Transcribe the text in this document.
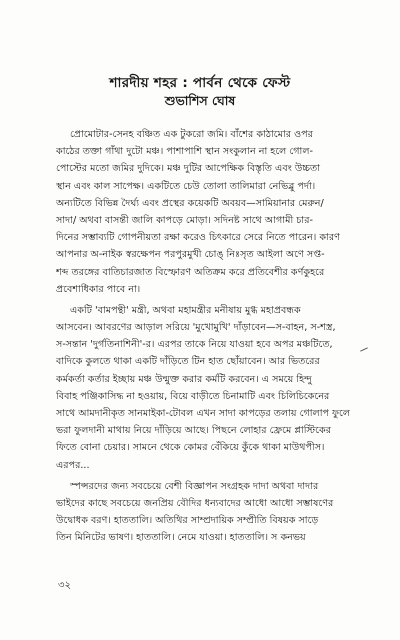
শারদীয় শহর : পার্বন থেকে ফেস্ট
শুভাশিস ঘোষ
প্রোমোটার-সেনহ বঞ্চিত এক টুকরো জমি। বাঁশের কাঠামোর ওপর
কাঠের তক্তা গাঁথা দুটো মঞ্চ। পাশাপাশি স্থান সংকুলান না হলে গোল-
পোস্টের মতো জমির দুদিকে। মঞ্চ দুটির আপেক্ষিক বিস্তৃতি এবং উচ্চতা
স্থান এবং কাল সাপেক্ষ। একটিতে চেউ তোলা তালিমারা নেভিব্লু পর্দা।
অন্যটিতে বিভিন্ন দৈর্ঘ্য এবং প্রস্থের কয়েকটি অবয়ব—সামিয়ানার মেরুন/
সাদা/ অথবা বাসন্তী জালি কাপড়ে মোড়া। সদিনষ্ট সাথে আগামী চার-
দিনের সম্ভাব্যটি গোপনীয়তা রক্ষা করেও চিৎকারে সেরে নিতে পারেন। কারণ
আপনার অ-নাইক স্বরক্ষেপন পরপুরমুখী চোঙ্ নিঃসৃত আইলা অণে সপ্ত-
শব্দ তরঙ্গের বাতিচারজাত বিস্ফোরণ অতিক্রম করে প্রতিবেশীর কর্ণকুহরে
প্রবেশাধিকার পাবে না।
একটি 'বামপন্থী' মন্ত্রী, অথবা মহামন্ত্রীর মনীষায় মুগ্ধ মহাপ্রবন্ধক
আসবেন। আবরণের আড়াল সরিয়ে 'মুখোমুখি' দাঁড়াবেন—স-বাহন, স-শস্ত্র,
স-সন্তান 'দুর্গতিনাশিনী'-র। এরপর তাকে নিয়ে যাওয়া হবে অপর মঞ্চটিতে,
বাদিকে কুলতে থাকা একটি দাঁড়িতে টিন হাত ছোঁয়াবেন। আর ভিতরের
কর্মকর্তা কর্তার ইচ্ছায় মঞ্চ উন্মুক্ত করার কর্মটি করবেন। এ সময়ে হিন্দু
বিবাহ পঞ্জিকাসিদ্ধ না হওয়ায়, বিয়ে বাড়ীতে চিনামাটি এবং চিলিচিকেনের
সাথে আমদানীকৃত সানমাইকা-টোবল এখন সাদা কাপড়ের তলায় গোলাপ ফুলে
ভরা ফুলদানী মাথায় নিয়ে দাঁড়িয়ে আছে। পিছনে লোহার ফ্রেমে প্লাস্টিকের
ফিতে বোনা চেয়ার। সামনে থেকে কোমর বেঁকিয়ে কুঁকে থাকা মাউথপীস।
এরপর...
স্পন্সরদের জন্য সবচেয়ে বেশী বিজ্ঞাপন সংগ্রহক দাদা অথবা দাদার
ভাইদের কাছে সবচেয়ে জনপ্রিয় বৌদির ধন্যবাদের আধো আধো সম্ভাষণের
উদ্বোধক বরণ। হাততালি। অতিথির সাম্প্রদায়িক সম্প্রীতি বিষয়ক সাড়ে
তিন মিনিটের ভাষণ। হাততালি। নেমে যাওয়া। হাততালি। স কনভয়
৩২
